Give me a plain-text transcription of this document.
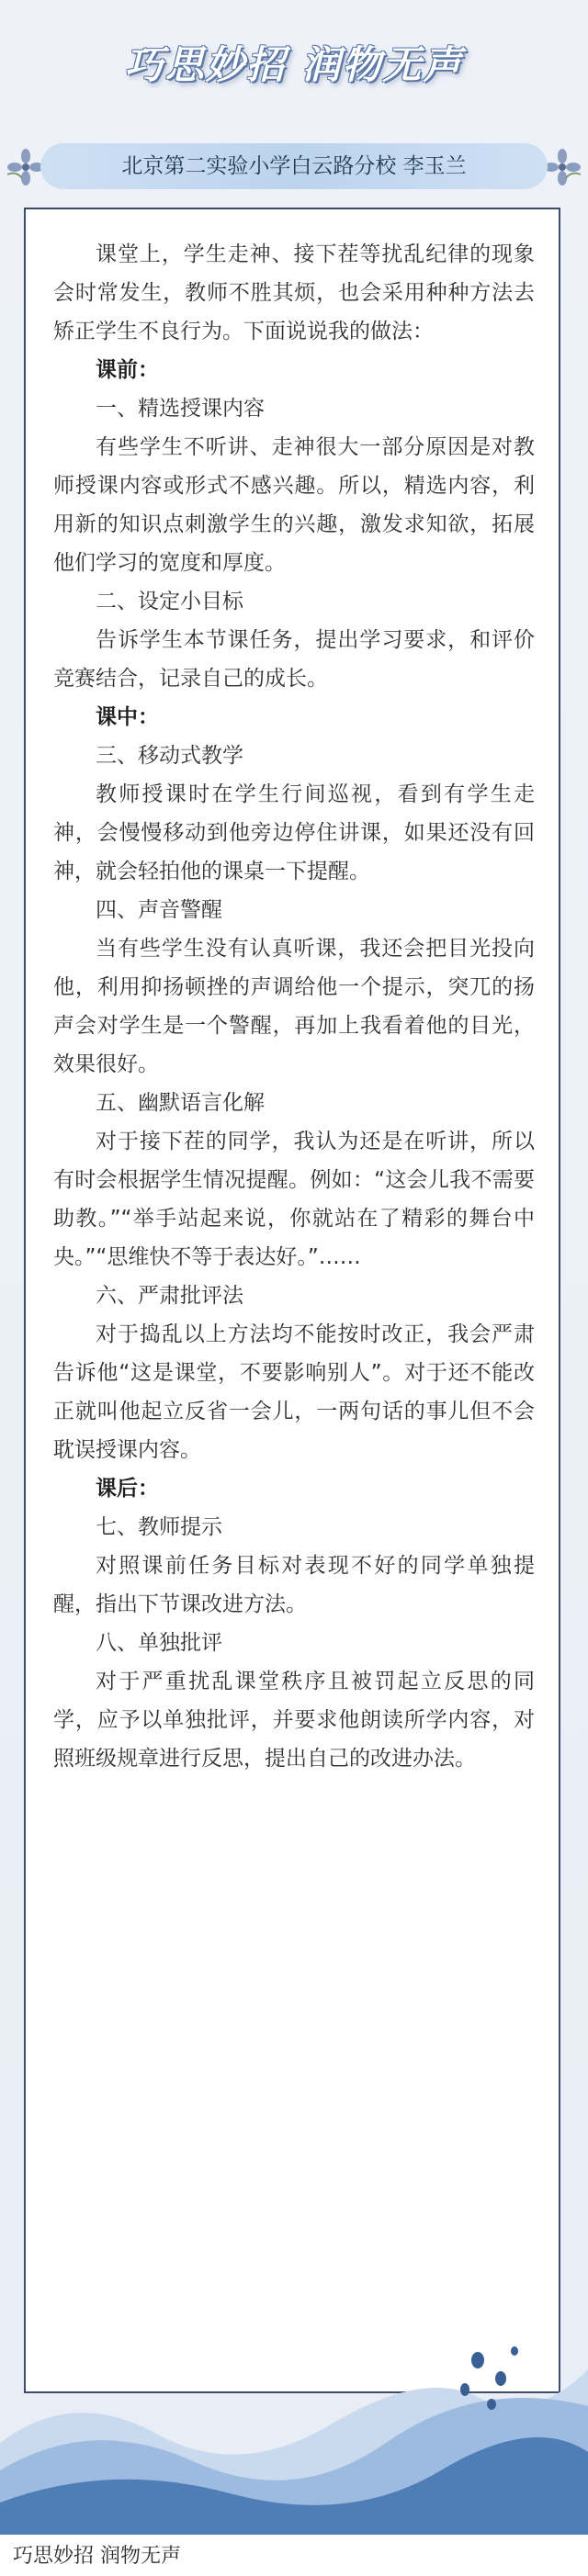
巧思妙招 润物无声
北京第二实验小学白云路分校 李玉兰

课堂上，学生走神、接下茬等扰乱纪律的现象会时常发生，教师不胜其烦，也会采用种种方法去矫正学生不良行为。下面说说我的做法：

课前：

一、精选授课内容

有些学生不听讲、走神很大一部分原因是对教师授课内容或形式不感兴趣。所以，精选内容，利用新的知识点刺激学生的兴趣，激发求知欲，拓展他们学习的宽度和厚度。

二、设定小目标

告诉学生本节课任务，提出学习要求，和评价竞赛结合，记录自己的成长。

课中：

三、移动式教学

教师授课时在学生行间巡视，看到有学生走神，会慢慢移动到他旁边停住讲课，如果还没有回神，就会轻拍他的课桌一下提醒。

四、声音警醒

当有些学生没有认真听课，我还会把目光投向他，利用抑扬顿挫的声调给他一个提示，突兀的扬声会对学生是一个警醒，再加上我看着他的目光，效果很好。

五、幽默语言化解

对于接下茬的同学，我认为还是在听讲，所以有时会根据学生情况提醒。例如：“这会儿我不需要助教。”“举手站起来说，你就站在了精彩的舞台中央。”“思维快不等于表达好。”……

六、严肃批评法

对于捣乱以上方法均不能按时改正，我会严肃告诉他“这是课堂，不要影响别人”。对于还不能改正就叫他起立反省一会儿，一两句话的事儿但不会耽误授课内容。

课后：

七、教师提示

对照课前任务目标对表现不好的同学单独提醒，指出下节课改进方法。

八、单独批评

对于严重扰乱课堂秩序且被罚起立反思的同学，应予以单独批评，并要求他朗读所学内容，对照班级规章进行反思，提出自己的改进办法。

巧思妙招 润物无声
